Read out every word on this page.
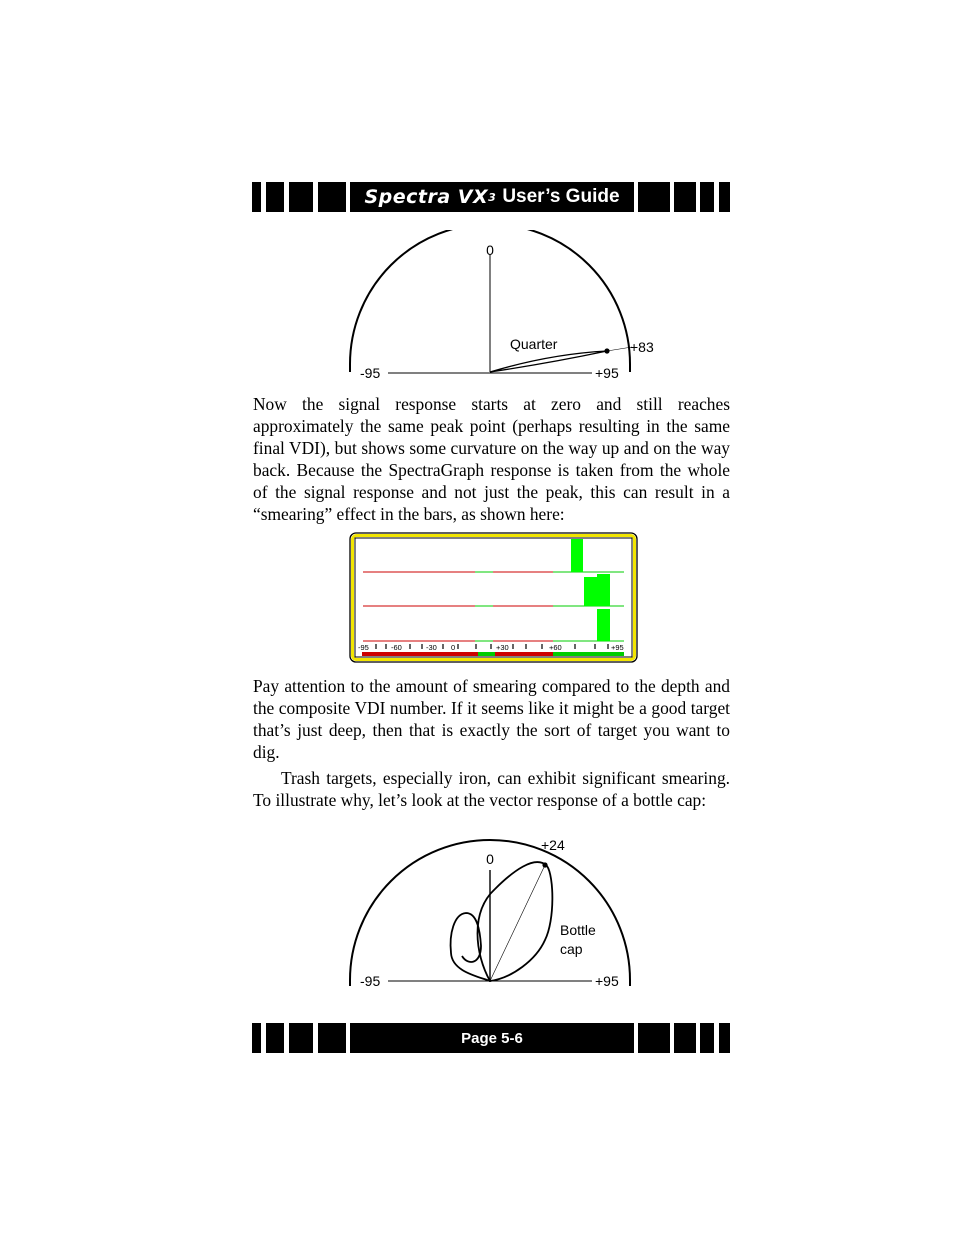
Spectra VX 3 User’s Guide
0
-95	+95
+83
Quarter

Now the signal response starts at zero and still reaches approximately the same peak point (perhaps resulting in the same final VDI), but shows some curvature on the way up and on the way back. Because the SpectraGraph response is taken from the whole of the signal response and not just the peak, this can result in a “smearing” effect in the bars, as shown here:

-95	-60	-30 0	+30	+60	+95

Pay attention to the amount of smearing compared to the depth and the composite VDI number. If it seems like it might be a good target that’s just deep, then that is exactly the sort of target you want to dig.

Trash targets, especially iron, can exhibit significant smearing. To illustrate why, let’s look at the vector response of a bottle cap:

0
+24
Bottle
cap
-95	+95
Page 5-6
